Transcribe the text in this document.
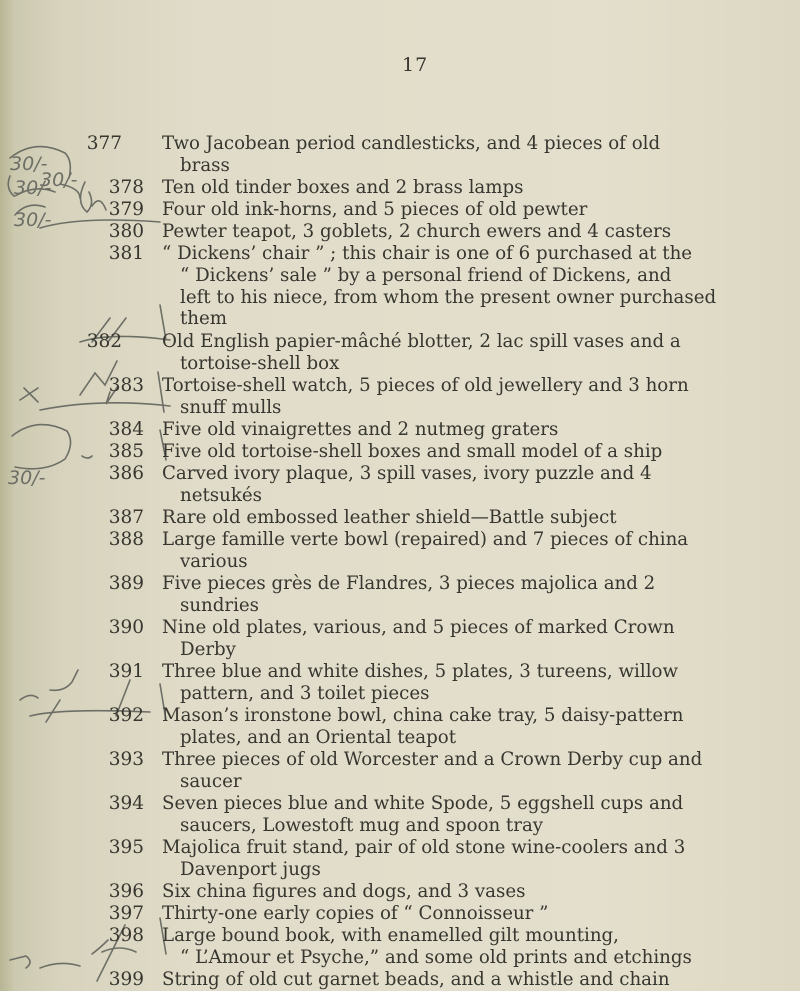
17
30/-
30/-
30/-
30/-
30/-
377 Two Jacobean period candlesticks, and 4 pieces of old
brass
378 Ten old tinder boxes and 2 brass lamps
379 Four old ink-horns, and 5 pieces of old pewter
380 Pewter teapot, 3 goblets, 2 church ewers and 4 casters
381 “ Dickens’ chair ” ; this chair is one of 6 purchased at the
“ Dickens’ sale ” by a personal friend of Dickens, and
left to his niece, from whom the present owner purchased
them
382 Old English papier-mâché blotter, 2 lac spill vases and a
tortoise-shell box
383 Tortoise-shell watch, 5 pieces of old jewellery and 3 horn
snuff mulls
384 Five old vinaigrettes and 2 nutmeg graters
385 Five old tortoise-shell boxes and small model of a ship
386 Carved ivory plaque, 3 spill vases, ivory puzzle and 4
netsukés
387 Rare old embossed leather shield—Battle subject
388 Large famille verte bowl (repaired) and 7 pieces of china
various
389 Five pieces grès de Flandres, 3 pieces majolica and 2
sundries
390 Nine old plates, various, and 5 pieces of marked Crown
Derby
391 Three blue and white dishes, 5 plates, 3 tureens, willow
pattern, and 3 toilet pieces
392 Mason’s ironstone bowl, china cake tray, 5 daisy-pattern
plates, and an Oriental teapot
393 Three pieces of old Worcester and a Crown Derby cup and
saucer
394 Seven pieces blue and white Spode, 5 eggshell cups and
saucers, Lowestoft mug and spoon tray
395 Majolica fruit stand, pair of old stone wine-coolers and 3
Davenport jugs
396 Six china figures and dogs, and 3 vases
397 Thirty-one early copies of “ Connoisseur ”
398 Large bound book, with enamelled gilt mounting,
“ L’Amour et Psyche,” and some old prints and etchings
399 String of old cut garnet beads, and a whistle and chain
